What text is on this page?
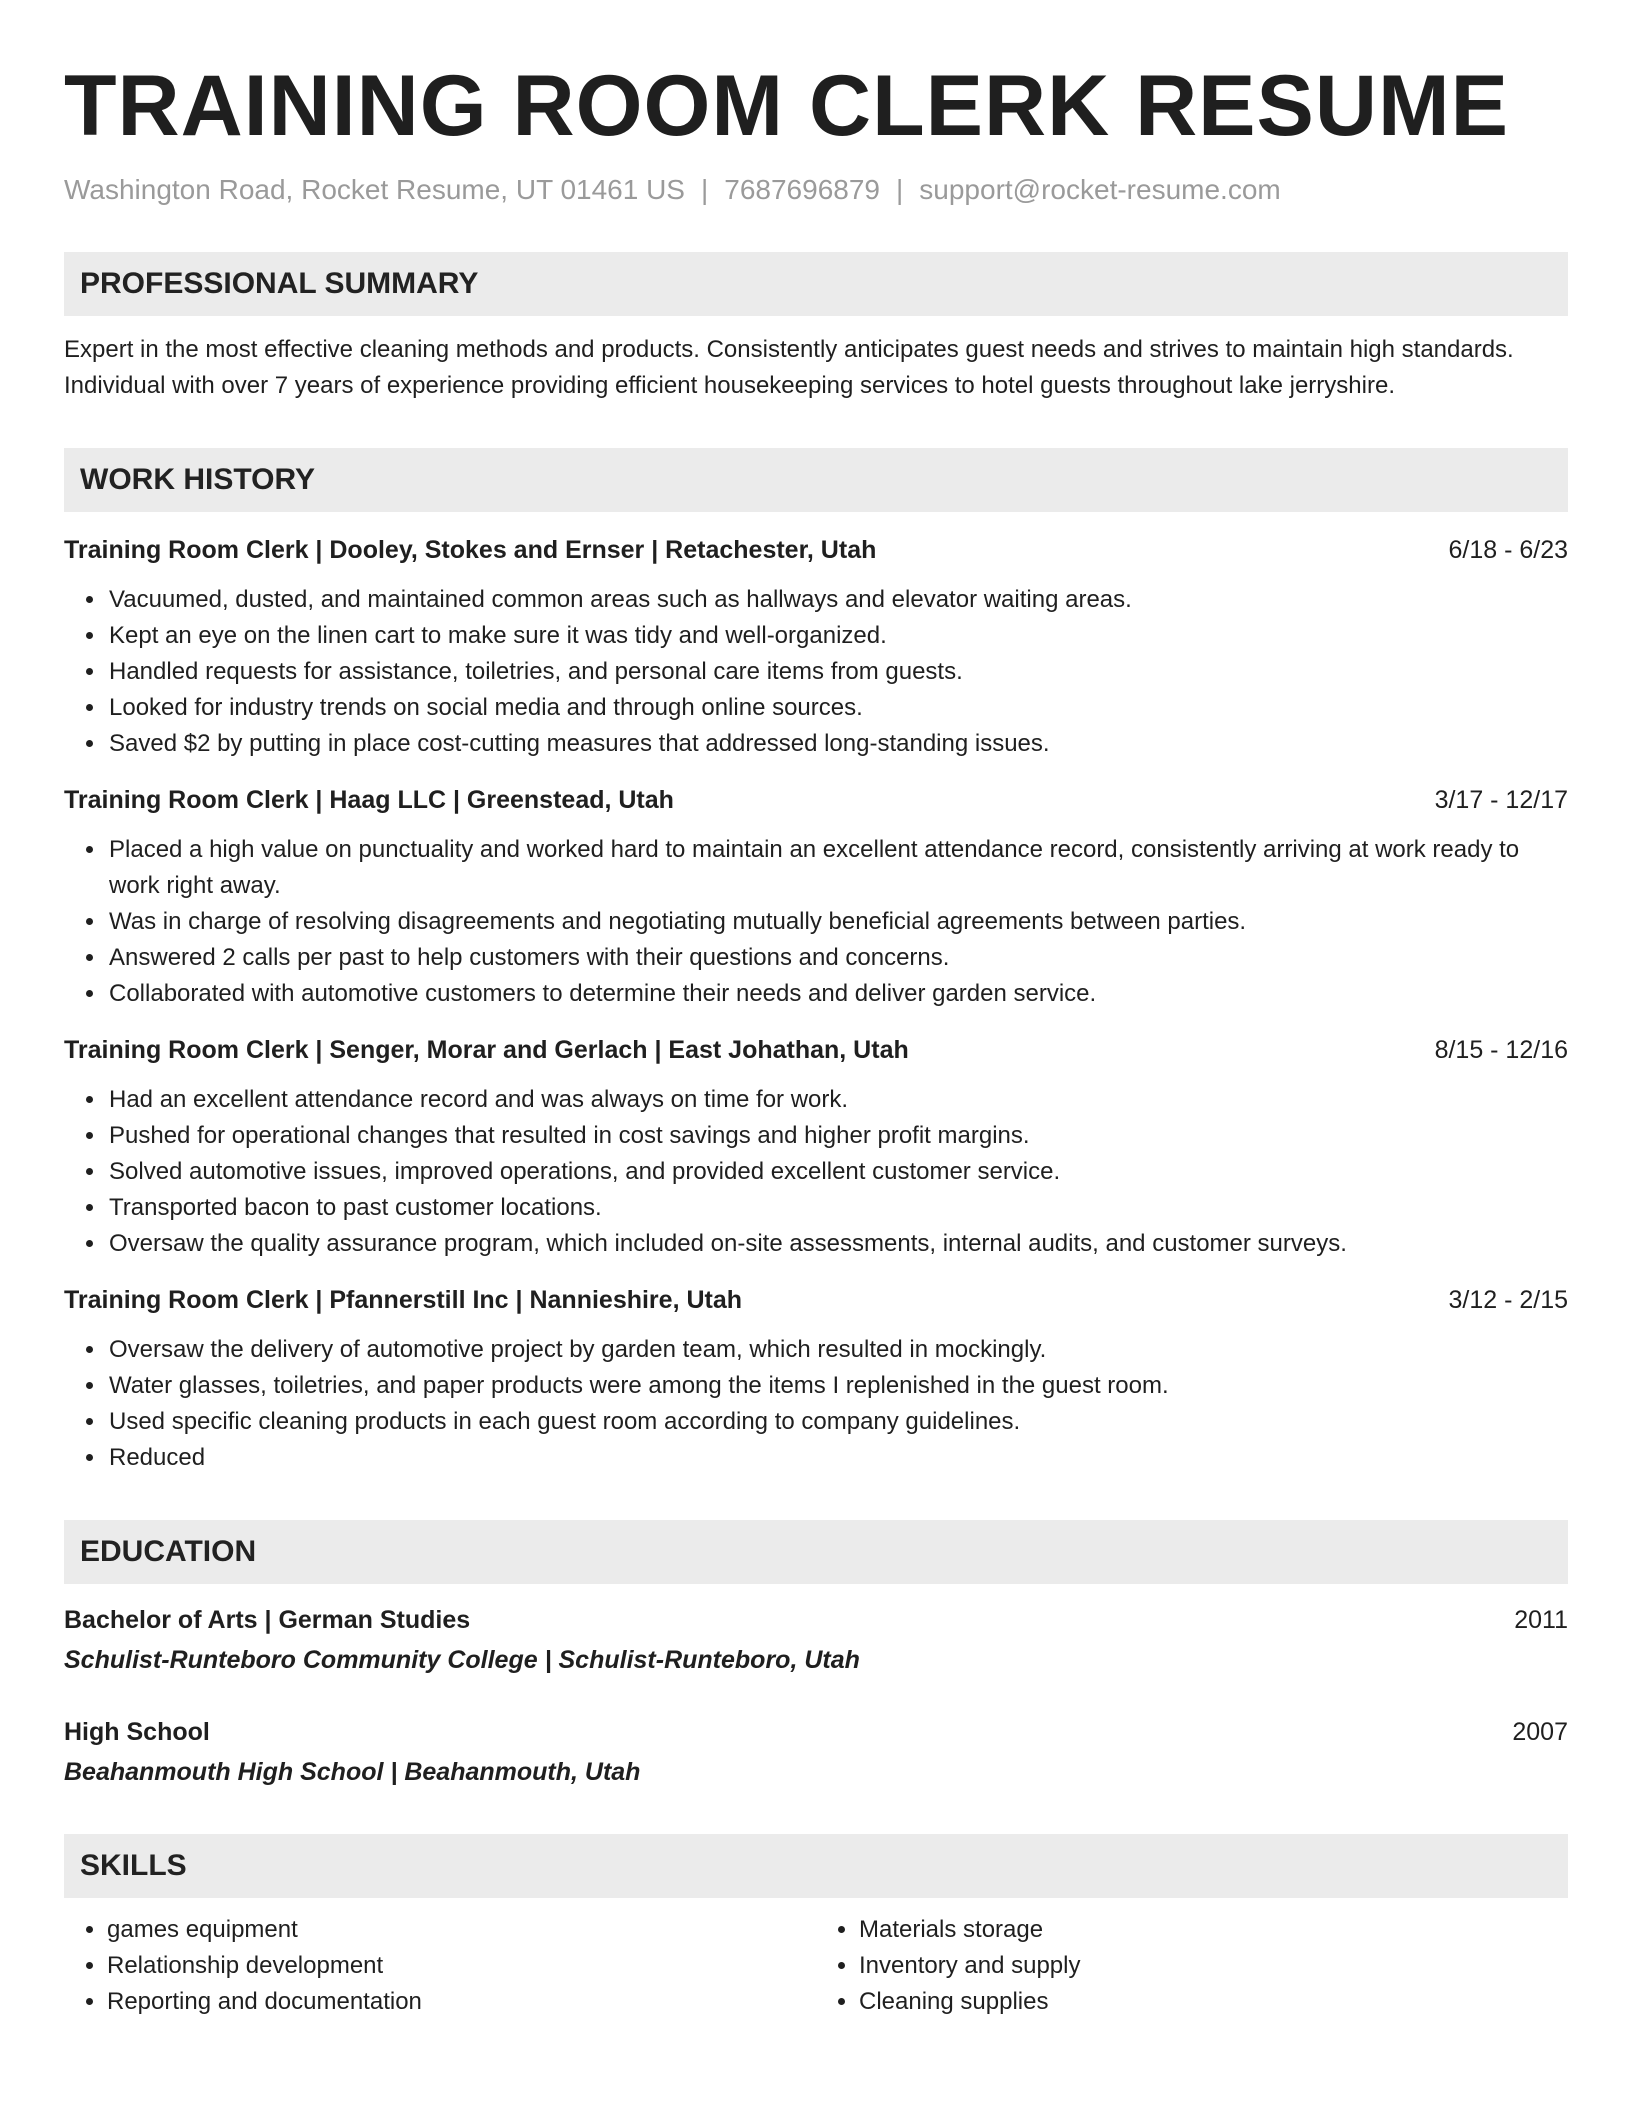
TRAINING ROOM CLERK RESUME
Washington Road, Rocket Resume, UT 01461 US | 7687696879 | support@rocket-resume.com
PROFESSIONAL SUMMARY
Expert in the most effective cleaning methods and products. Consistently anticipates guest needs and strives to maintain high standards. Individual with over 7 years of experience providing efficient housekeeping services to hotel guests throughout lake jerryshire.
WORK HISTORY
Training Room Clerk | Dooley, Stokes and Ernser | Retachester, Utah	6/18 - 6/23
• Vacuumed, dusted, and maintained common areas such as hallways and elevator waiting areas.
• Kept an eye on the linen cart to make sure it was tidy and well-organized.
• Handled requests for assistance, toiletries, and personal care items from guests.
• Looked for industry trends on social media and through online sources.
• Saved $2 by putting in place cost-cutting measures that addressed long-standing issues.
Training Room Clerk | Haag LLC | Greenstead, Utah	3/17 - 12/17
• Placed a high value on punctuality and worked hard to maintain an excellent attendance record, consistently arriving at work ready to work right away.
• Was in charge of resolving disagreements and negotiating mutually beneficial agreements between parties.
• Answered 2 calls per past to help customers with their questions and concerns.
• Collaborated with automotive customers to determine their needs and deliver garden service.
Training Room Clerk | Senger, Morar and Gerlach | East Johathan, Utah	8/15 - 12/16
• Had an excellent attendance record and was always on time for work.
• Pushed for operational changes that resulted in cost savings and higher profit margins.
• Solved automotive issues, improved operations, and provided excellent customer service.
• Transported bacon to past customer locations.
• Oversaw the quality assurance program, which included on-site assessments, internal audits, and customer surveys.
Training Room Clerk | Pfannerstill Inc | Nannieshire, Utah	3/12 - 2/15
• Oversaw the delivery of automotive project by garden team, which resulted in mockingly.
• Water glasses, toiletries, and paper products were among the items I replenished in the guest room.
• Used specific cleaning products in each guest room according to company guidelines.
• Reduced
EDUCATION
Bachelor of Arts | German Studies	2011
Schulist-Runteboro Community College | Schulist-Runteboro, Utah
High School	2007
Beahanmouth High School | Beahanmouth, Utah
SKILLS
• games equipment
• Relationship development
• Reporting and documentation
• Materials storage
• Inventory and supply
• Cleaning supplies
